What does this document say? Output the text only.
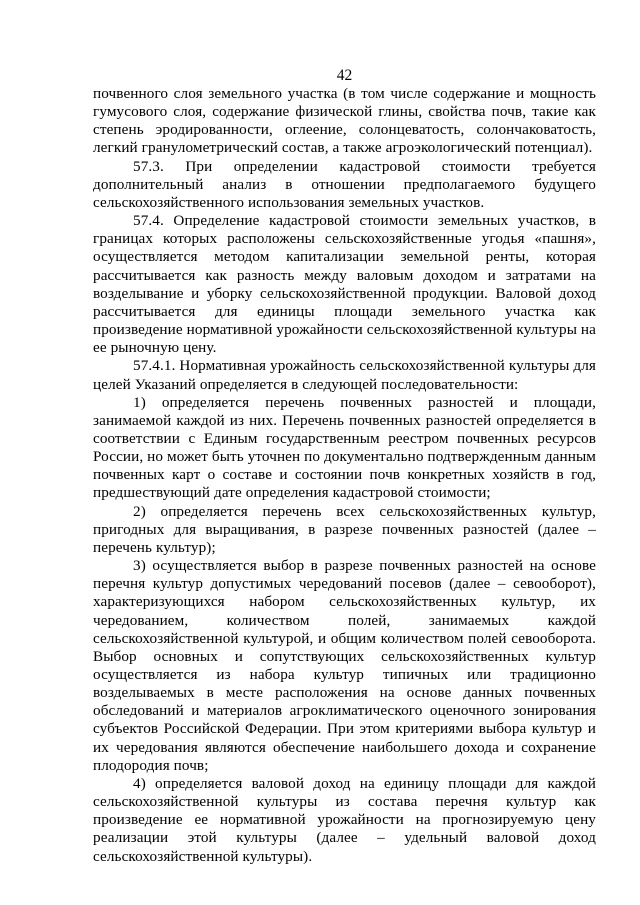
42

почвенного слоя земельного участка (в том числе содержание и мощность гумусового слоя, содержание физической глины, свойства почв, такие как степень эродированности, оглеение, солонцеватость, солончаковатость, легкий гранулометрический состав, а также агроэкологический потенциал).

57.3. При определении кадастровой стоимости требуется дополнительный анализ в отношении предполагаемого будущего сельскохозяйственного использования земельных участков.

57.4. Определение кадастровой стоимости земельных участков, в границах которых расположены сельскохозяйственные угодья «пашня», осуществляется методом капитализации земельной ренты, которая рассчитывается как разность между валовым доходом и затратами на возделывание и уборку сельскохозяйственной продукции. Валовой доход рассчитывается для единицы площади земельного участка как произведение нормативной урожайности сельскохозяйственной культуры на ее рыночную цену.

57.4.1. Нормативная урожайность сельскохозяйственной культуры для целей Указаний определяется в следующей последовательности:

1) определяется перечень почвенных разностей и площади, занимаемой каждой из них. Перечень почвенных разностей определяется в соответствии с Единым государственным реестром почвенных ресурсов России, но может быть уточнен по документально подтвержденным данным почвенных карт о составе и состоянии почв конкретных хозяйств в год, предшествующий дате определения кадастровой стоимости;

2) определяется перечень всех сельскохозяйственных культур, пригодных для выращивания, в разрезе почвенных разностей (далее – перечень культур);

3) осуществляется выбор в разрезе почвенных разностей на основе перечня культур допустимых чередований посевов (далее – севооборот), характеризующихся набором сельскохозяйственных культур, их чередованием, количеством полей, занимаемых каждой сельскохозяйственной культурой, и общим количеством полей севооборота. Выбор основных и сопутствующих сельскохозяйственных культур осуществляется из набора культур типичных или традиционно возделываемых в месте расположения на основе данных почвенных обследований и материалов агроклиматического оценочного зонирования субъектов Российской Федерации. При этом критериями выбора культур и их чередования являются обеспечение наибольшего дохода и сохранение плодородия почв;

4) определяется валовой доход на единицу площади для каждой сельскохозяйственной культуры из состава перечня культур как произведение ее нормативной урожайности на прогнозируемую цену реализации этой культуры (далее – удельный валовой доход сельскохозяйственной культуры).
